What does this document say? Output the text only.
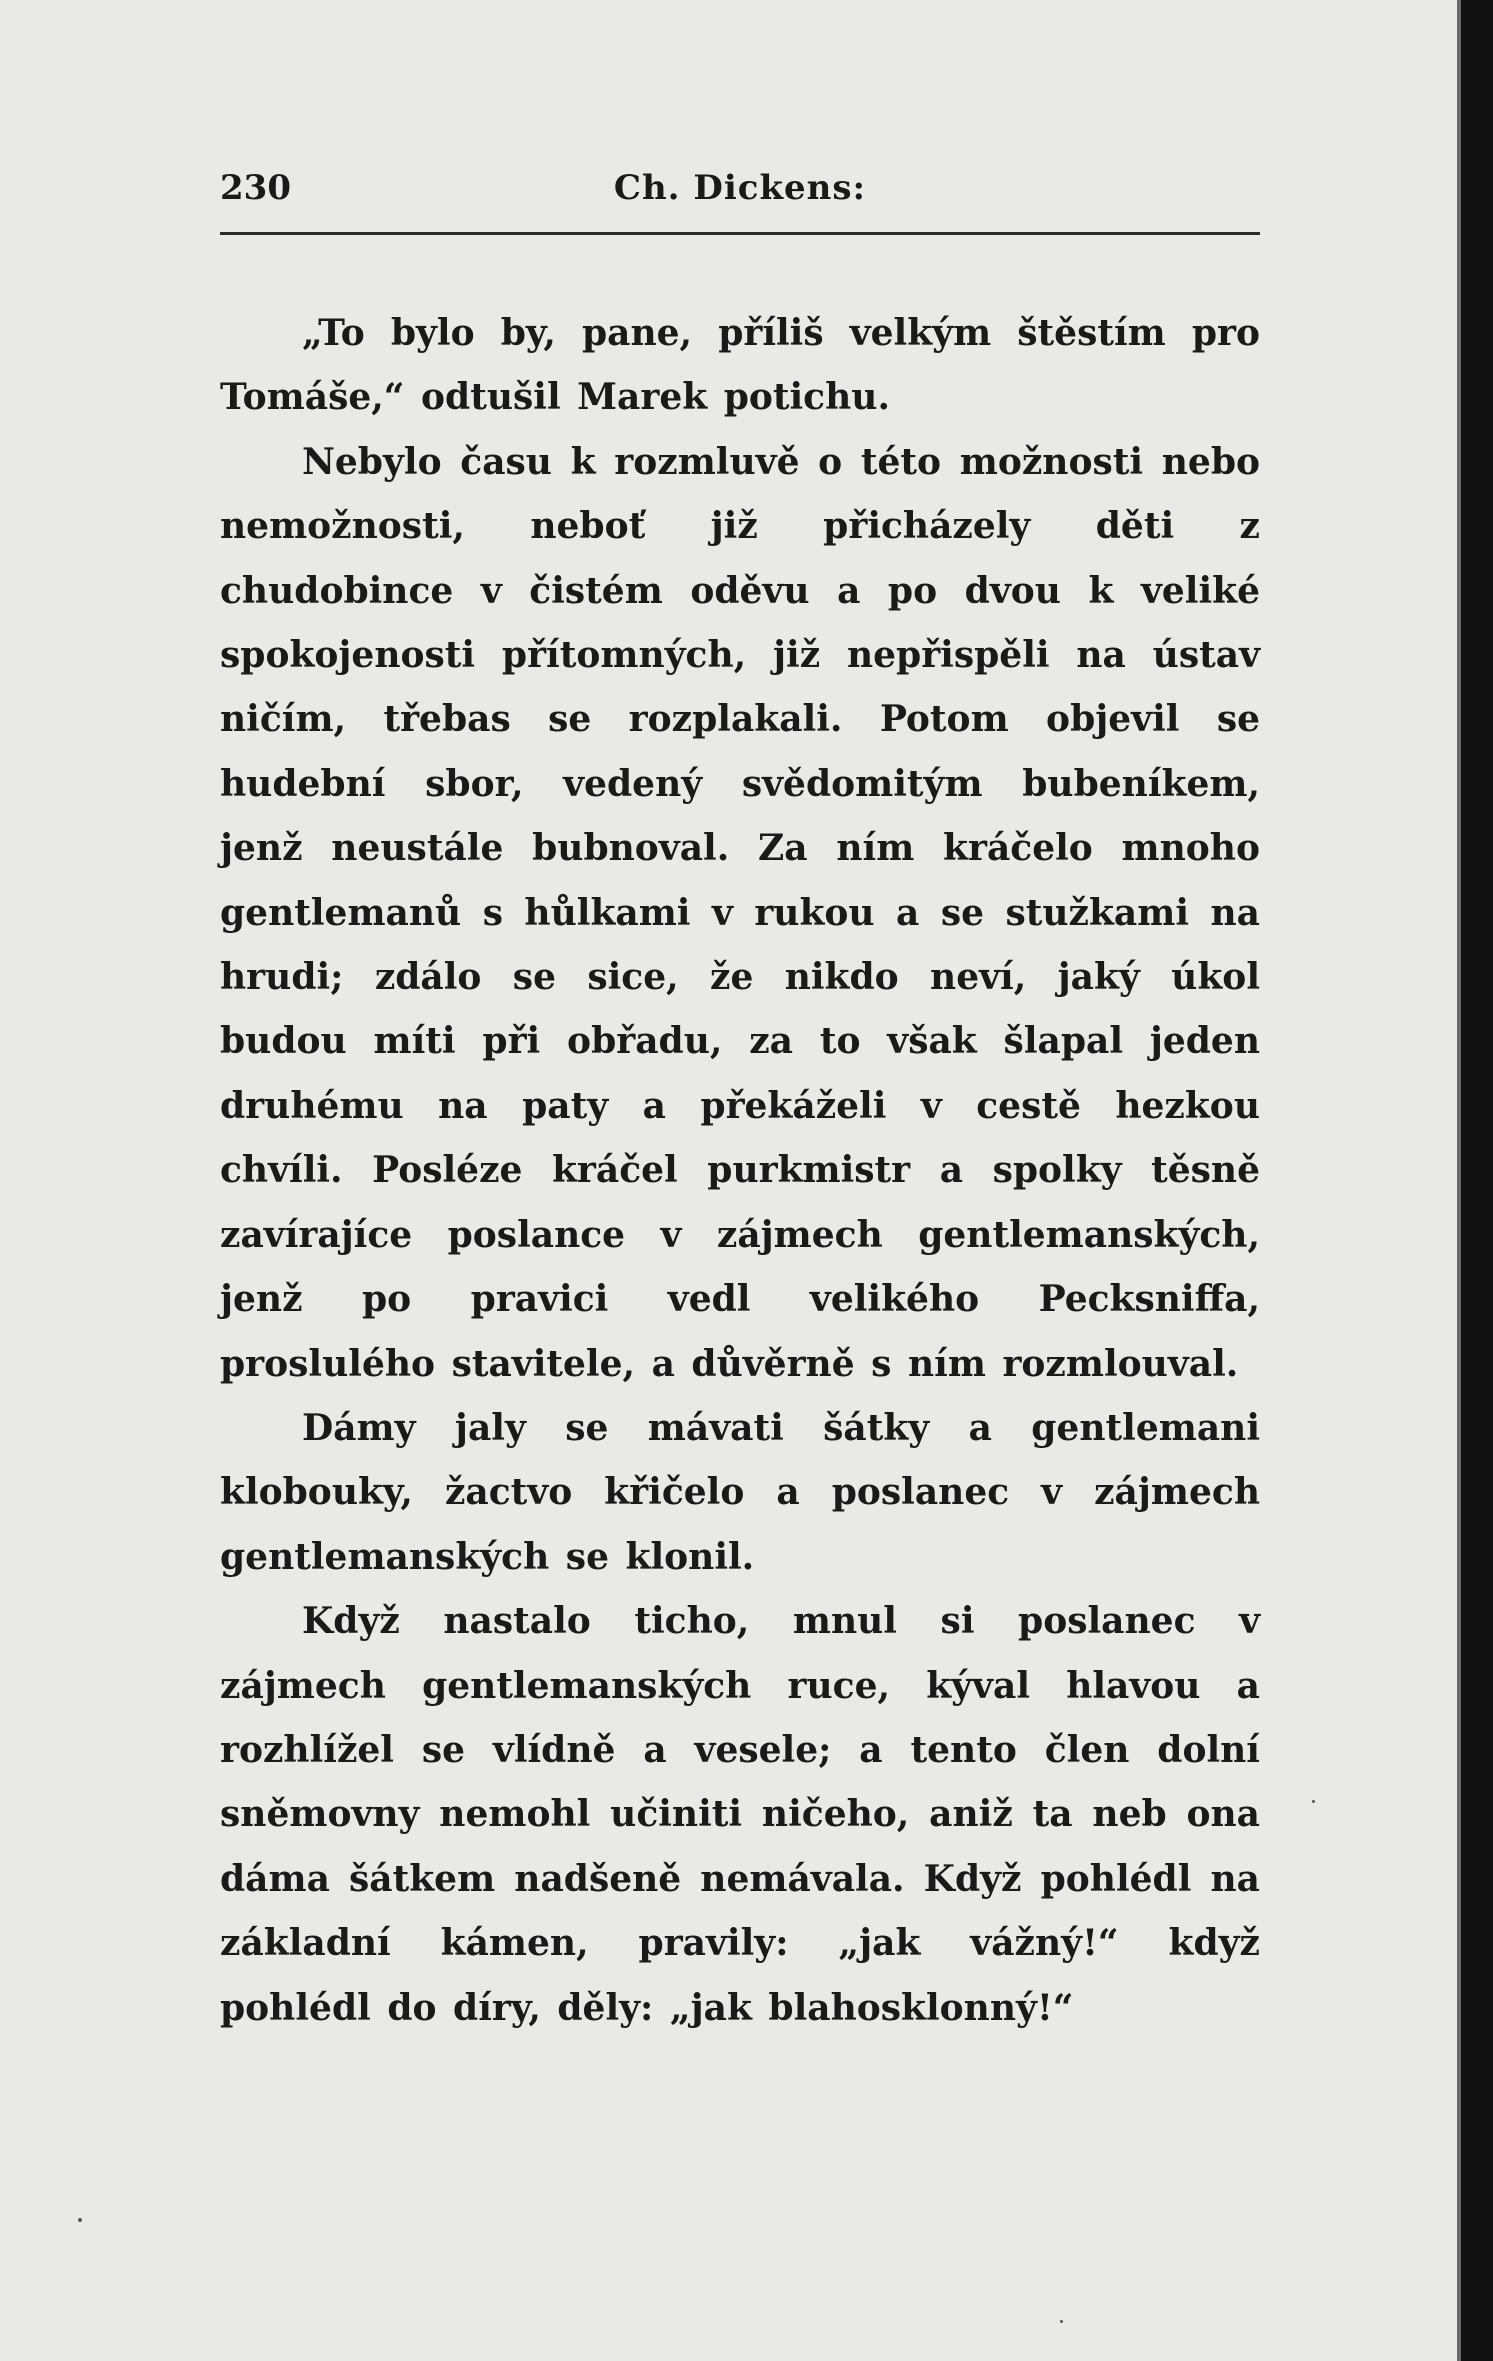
230	Ch. Dickens:

„To bylo by, pane, příliš velkým štěstím pro Tomáše,“ odtušil Marek potichu.

Nebylo času k rozmluvě o této možnosti nebo nemožnosti, neboť již přicházely děti z chudobince v čistém oděvu a po dvou k veliké spokojenosti přítomných, již nepřispěli na ústav ničím, třebas se rozplakali. Potom objevil se hudební sbor, vedený svědomitým bubeníkem, jenž neustále bubnoval. Za ním kráčelo mnoho gentlemanů s hůlkami v rukou a se stužkami na hrudi; zdálo se sice, že nikdo neví, jaký úkol budou míti při obřadu, za to však šlapal jeden druhému na paty a překáželi v cestě hezkou chvíli. Posléze kráčel purkmistr a spolky těsně zavírajíce poslance v zájmech gentlemanských, jenž po pravici vedl velikého Pecksniffa, proslulého stavitele, a důvěrně s ním rozmlouval.

Dámy jaly se mávati šátky a gentlemani klobouky, žactvo křičelo a poslanec v zájmech gentlemanských se klonil.

Když nastalo ticho, mnul si poslanec v zájmech gentlemanských ruce, kýval hlavou a rozhlížel se vlídně a vesele; a tento člen dolní sněmovny nemohl učiniti ničeho, aniž ta neb ona dáma šátkem nadšeně nemávala. Když pohlédl na základní kámen, pravily: „jak vážný!“ když pohlédl do díry, děly: „jak blahosklonný!“
